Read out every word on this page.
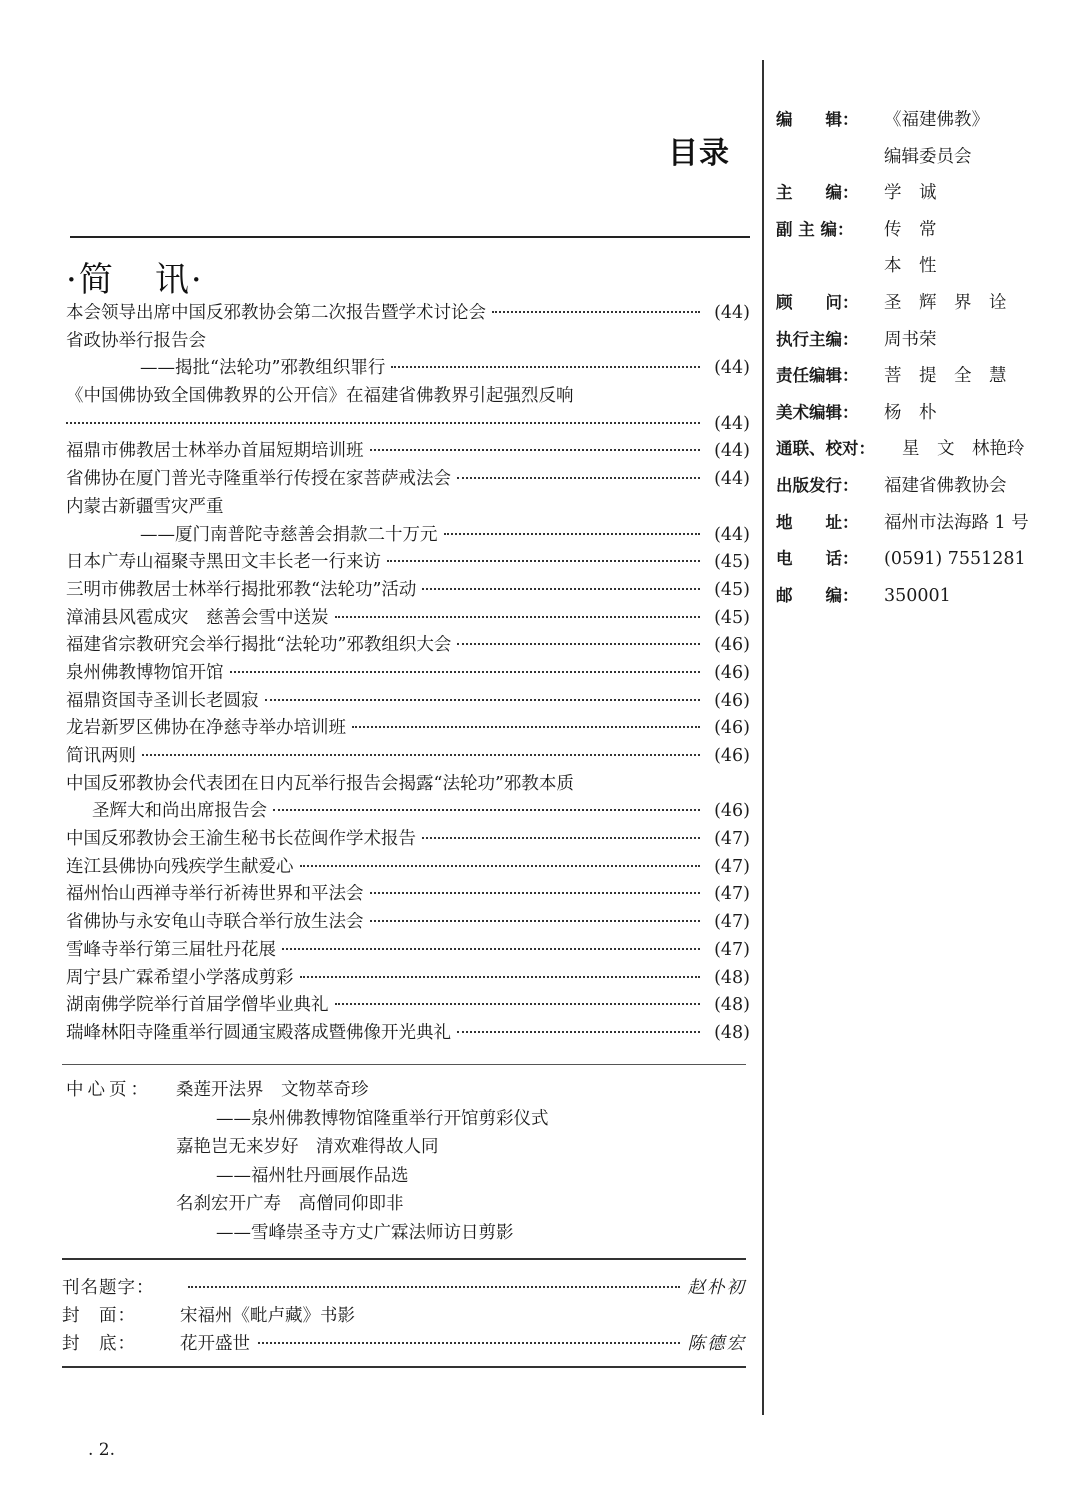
目录
·简 讯·
本会领导出席中国反邪教协会第二次报告暨学术讨论会	(44)
省政协举行报告会
——揭批“法轮功”邪教组织罪行	(44)
《中国佛协致全国佛教界的公开信》在福建省佛教界引起强烈反响
(44)
福鼎市佛教居士林举办首届短期培训班	(44)
省佛协在厦门普光寺隆重举行传授在家菩萨戒法会	(44)
内蒙古新疆雪灾严重
——厦门南普陀寺慈善会捐款二十万元	(44)
日本广寿山福聚寺黑田文丰长老一行来访	(45)
三明市佛教居士林举行揭批邪教“法轮功”活动	(45)
漳浦县风雹成灾　慈善会雪中送炭	(45)
福建省宗教研究会举行揭批“法轮功”邪教组织大会	(46)
泉州佛教博物馆开馆	(46)
福鼎资国寺圣训长老圆寂	(46)
龙岩新罗区佛协在净慈寺举办培训班	(46)
简讯两则	(46)
中国反邪教协会代表团在日内瓦举行报告会揭露“法轮功”邪教本质
圣辉大和尚出席报告会	(46)
中国反邪教协会王渝生秘书长莅闽作学术报告	(47)
连江县佛协向残疾学生献爱心	(47)
福州怡山西禅寺举行祈祷世界和平法会	(47)
省佛协与永安龟山寺联合举行放生法会	(47)
雪峰寺举行第三届牡丹花展	(47)
周宁县广霖希望小学落成剪彩	(48)
湖南佛学院举行首届学僧毕业典礼	(48)
瑞峰林阳寺隆重举行圆通宝殿落成暨佛像开光典礼	(48)
中心页： 桑莲开法界　文物萃奇珍
——泉州佛教博物馆隆重举行开馆剪彩仪式
嘉艳岂无来岁好　清欢难得故人同
——福州牡丹画展作品选
名刹宏开广寿　高僧同仰即非
——雪峰崇圣寺方丈广霖法师访日剪影
刊名题字：	赵朴初
封　面：	宋福州《毗卢藏》书影
封　底：	花开盛世	陈德宏
. 2.
编　　辑：	《福建佛教》
编辑委员会
主　　编：	学　诚
副 主 编：	传　常
本　性
顾　　问：	圣　辉　界　诠
执行主编：	周书荣
责任编辑：	菩　提　全　慧
美术编辑：	杨　朴
通联、校对：	星　文　林艳玲
出版发行：	福建省佛教协会
地　　址：	福州市法海路 1 号
电　　话：	(0591) 7551281
邮　　编：	350001
